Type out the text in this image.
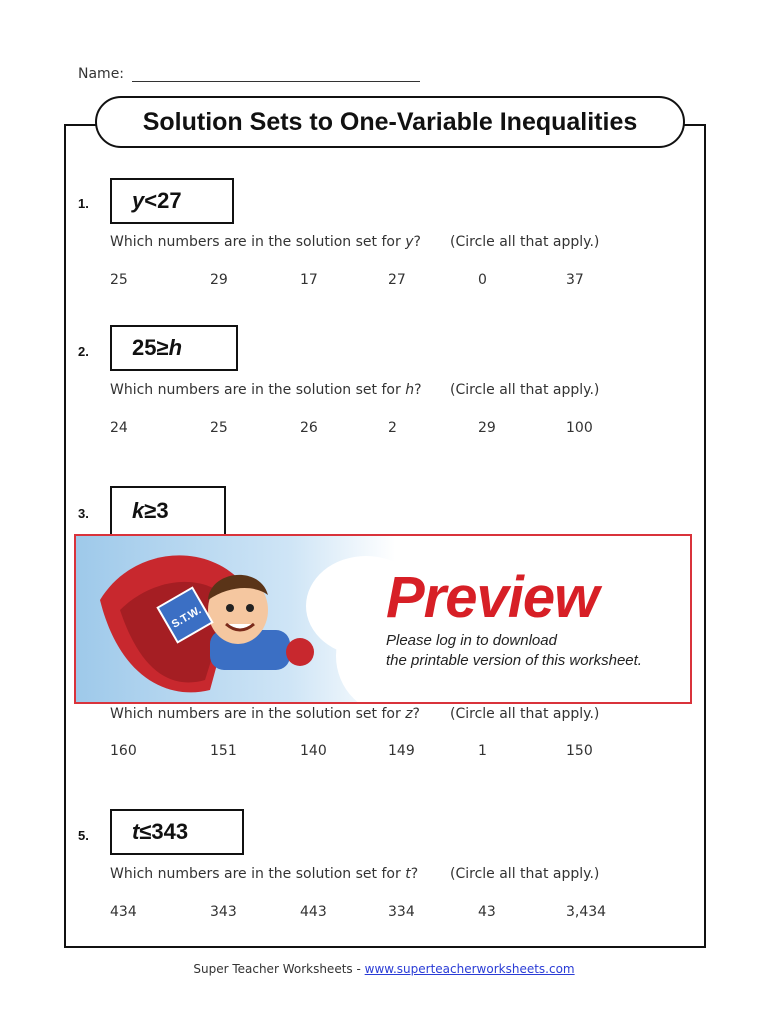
Name:
Solution Sets to One-Variable Inequalities
1. y < 27
Which numbers are in the solution set for y? (Circle all that apply.)
25	29	17	27	0	37
2. 25 ≥ h
Which numbers are in the solution set for h? (Circle all that apply.)
24	25	26	2	29	100
3. k ≥ 3
S.T.W.	Preview
Please log in to download
the printable version of this worksheet.
Which numbers are in the solution set for z? (Circle all that apply.)
160	151	140	149	1	150
5. t ≤ 343
Which numbers are in the solution set for t? (Circle all that apply.)
434	343	443	334	43	3,434
Super Teacher Worksheets - www.superteacherworksheets.com
